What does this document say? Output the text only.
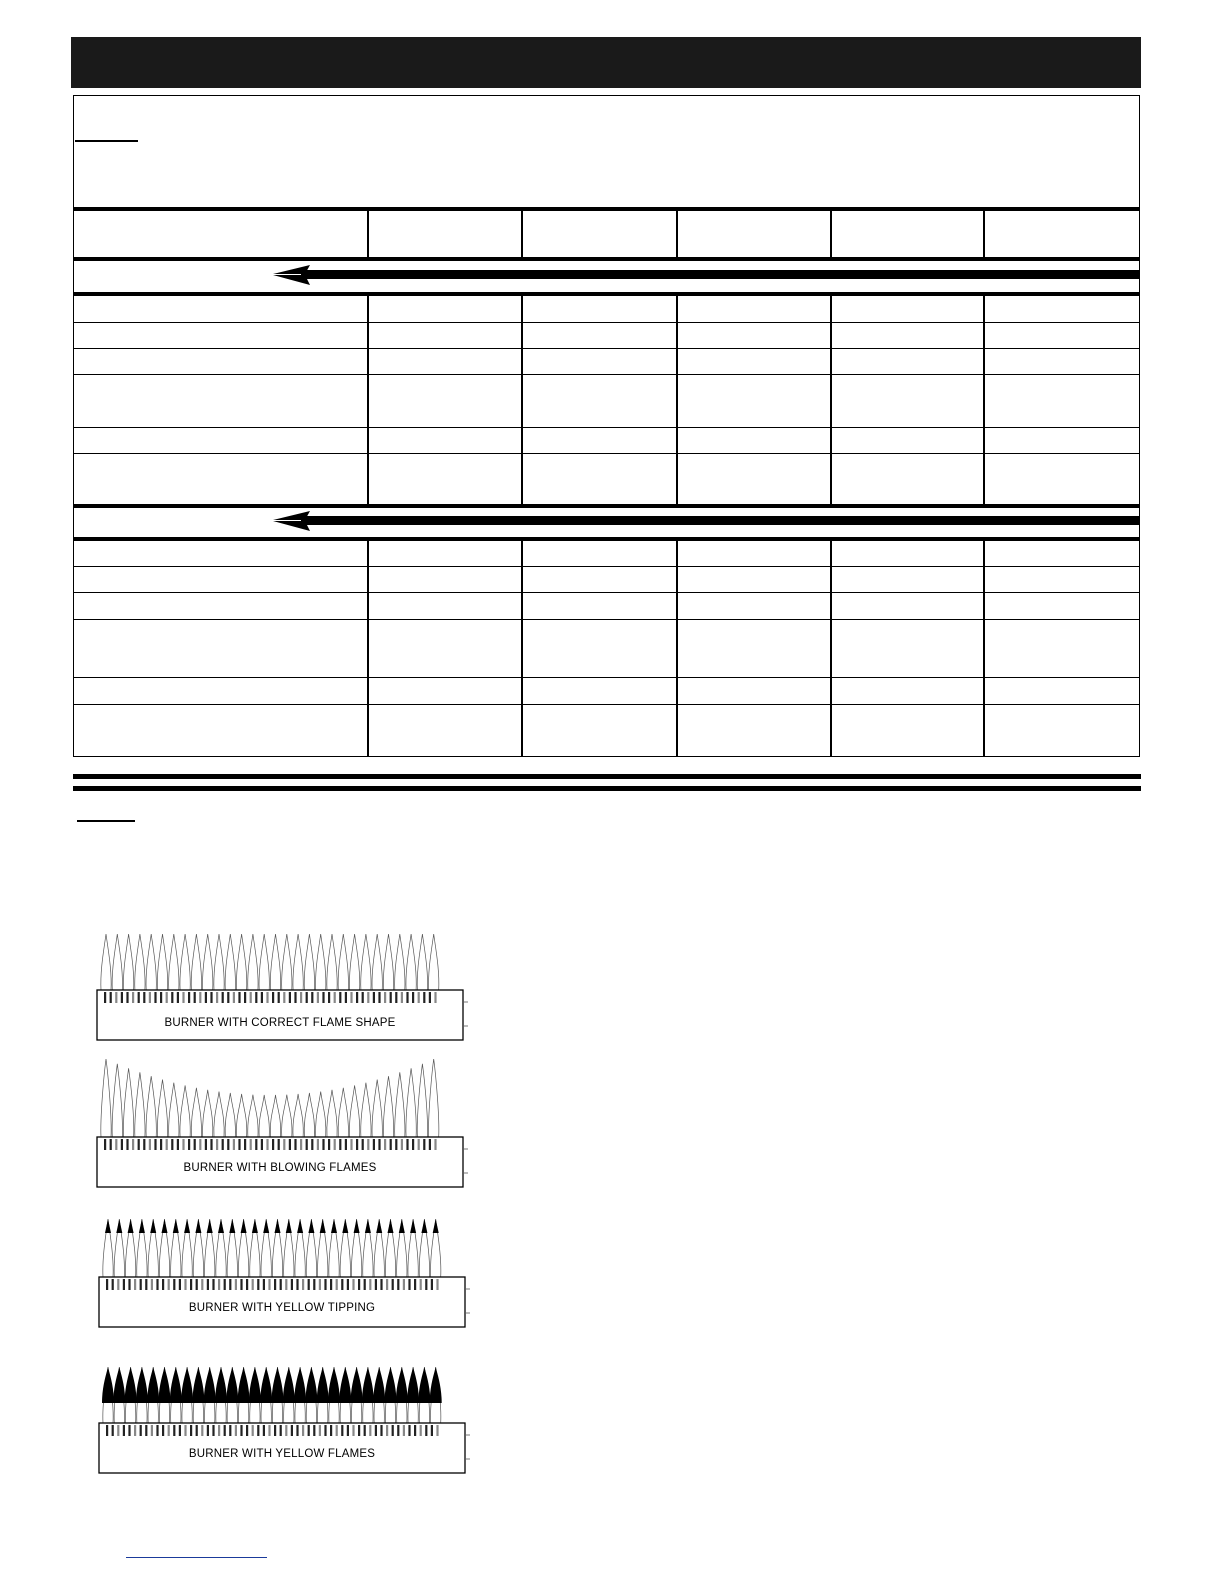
BURNER WITH CORRECT FLAME SHAPE
BURNER WITH BLOWING FLAMES
BURNER WITH YELLOW TIPPING
BURNER WITH YELLOW FLAMES
